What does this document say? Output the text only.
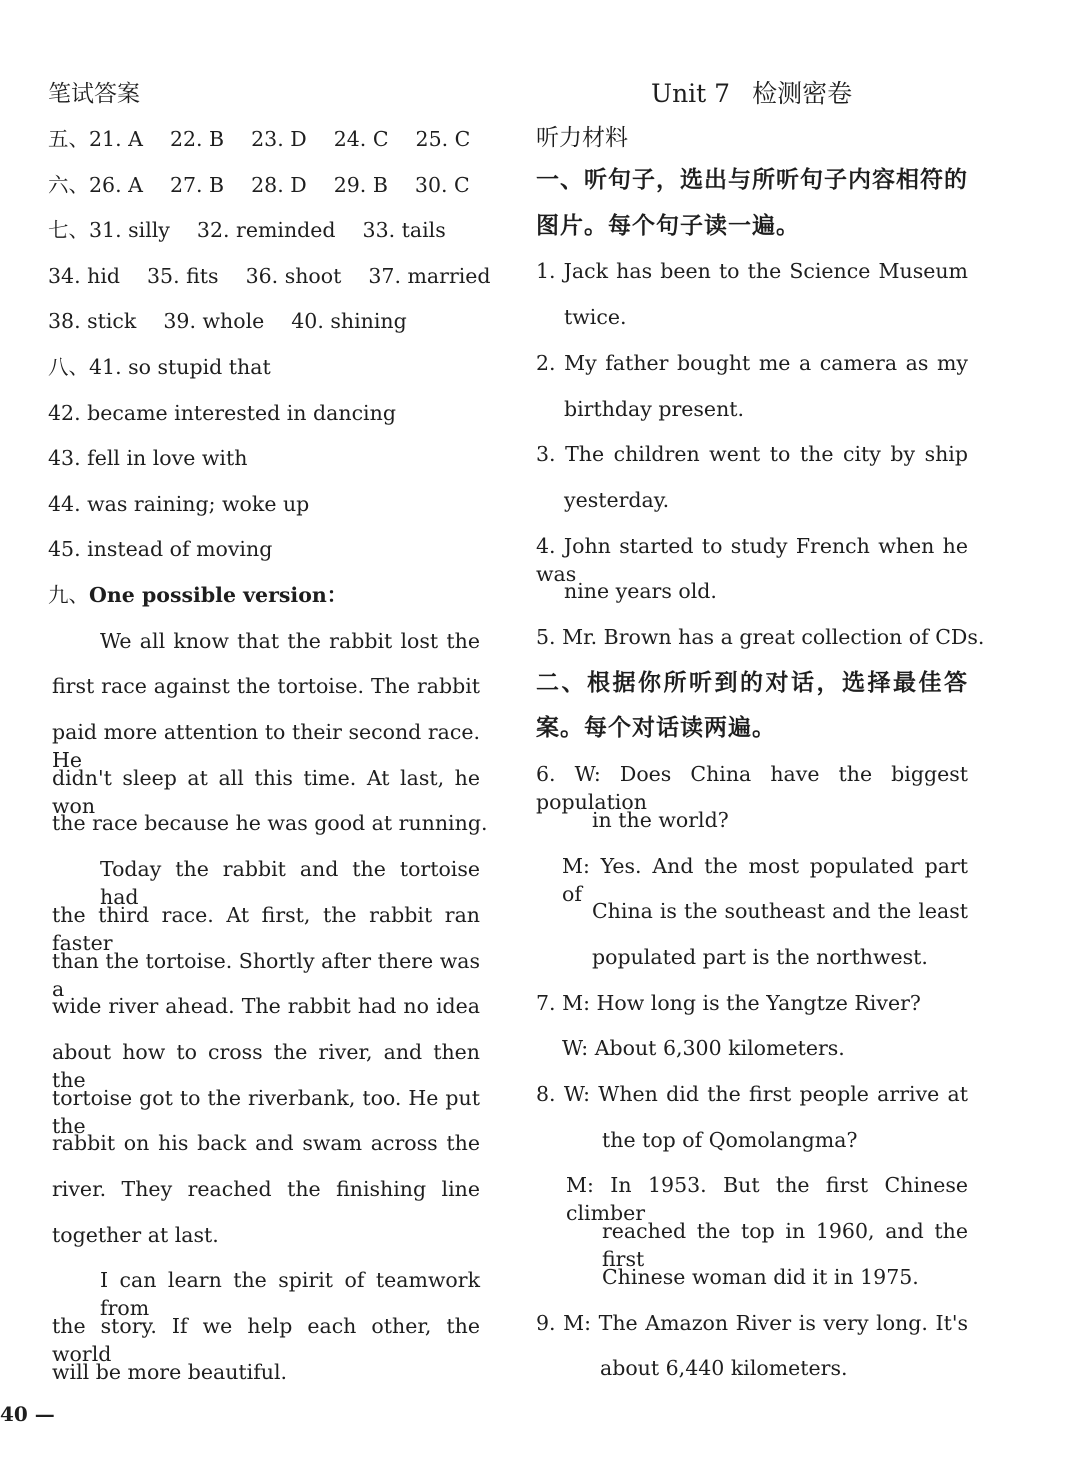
Unit 7 检测密卷
笔试答案
五、21. A　 22. B　 23. D　 24. C　 25. C
六、26. A　 27. B　 28. D　 29. B　 30. C
七、31. silly　 32. reminded　 33. tails
34. hid　 35. fits　 36. shoot　 37. married
38. stick　 39. whole　 40. shining
八、41. so stupid that
42. became interested in dancing
43. fell in love with
44. was raining; woke up
45. instead of moving
九、One possible version：
We all know that the rabbit lost the
first race against the tortoise. The rabbit
paid more attention to their second race. He
didn't sleep at all this time. At last, he won
the race because he was good at running.
Today the rabbit and the tortoise had
the third race. At first, the rabbit ran faster
than the tortoise. Shortly after there was a
wide river ahead. The rabbit had no idea
about how to cross the river, and then the
tortoise got to the riverbank, too. He put the
rabbit on his back and swam across the
river. They reached the finishing line
together at last.
I can learn the spirit of teamwork from
the story. If we help each other, the world
will be more beautiful.
听力材料
一、听句子，选出与所听句子内容相符的
图片。每个句子读一遍。
1. Jack has been to the Science Museum
twice.
2. My father bought me a camera as my
birthday present.
3. The children went to the city by ship
yesterday.
4. John started to study French when he was
nine years old.
5. Mr. Brown has a great collection of CDs.
二、根据你所听到的对话，选择最佳答
案。每个对话读两遍。
6. W: Does China have the biggest population
in the world?
M: Yes. And the most populated part of
China is the southeast and the least
populated part is the northwest.
7. M: How long is the Yangtze River?
W: About 6,300 kilometers.
8. W: When did the first people arrive at
the top of Qomolangma?
M: In 1953. But the first Chinese climber
reached the top in 1960, and the first
Chinese woman did it in 1975.
9. M: The Amazon River is very long. It's
about 6,440 kilometers.
40 —
